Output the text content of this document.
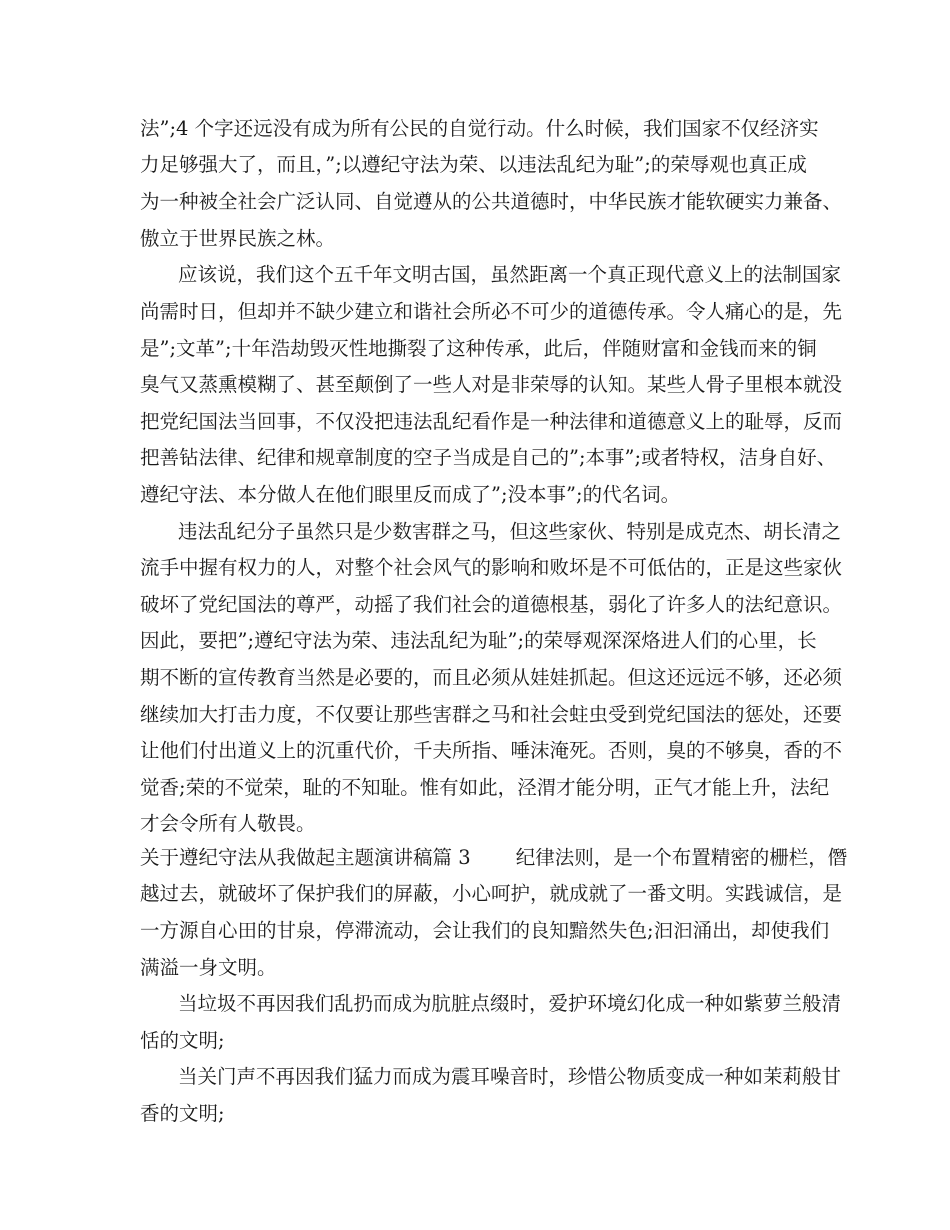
法”;4 个字还远没有成为所有公民的自觉行动。什么时候，我们国家不仅经济实
力足够强大了，而且，”;以遵纪守法为荣、以违法乱纪为耻”;的荣辱观也真正成
为一种被全社会广泛认同、自觉遵从的公共道德时，中华民族才能软硬实力兼备、
傲立于世界民族之林。
应该说，我们这个五千年文明古国，虽然距离一个真正现代意义上的法制国家
尚需时日，但却并不缺少建立和谐社会所必不可少的道德传承。令人痛心的是，先
是”;文革”;十年浩劫毁灭性地撕裂了这种传承，此后，伴随财富和金钱而来的铜
臭气又蒸熏模糊了、甚至颠倒了一些人对是非荣辱的认知。某些人骨子里根本就没
把党纪国法当回事，不仅没把违法乱纪看作是一种法律和道德意义上的耻辱，反而
把善钻法律、纪律和规章制度的空子当成是自己的”;本事”;或者特权，洁身自好、
遵纪守法、本分做人在他们眼里反而成了”;没本事”;的代名词。
违法乱纪分子虽然只是少数害群之马，但这些家伙、特别是成克杰、胡长清之
流手中握有权力的人，对整个社会风气的影响和败坏是不可低估的，正是这些家伙
破坏了党纪国法的尊严，动摇了我们社会的道德根基，弱化了许多人的法纪意识。
因此，要把”;遵纪守法为荣、违法乱纪为耻”;的荣辱观深深烙进人们的心里，长
期不断的宣传教育当然是必要的，而且必须从娃娃抓起。但这还远远不够，还必须
继续加大打击力度，不仅要让那些害群之马和社会蛀虫受到党纪国法的惩处，还要
让他们付出道义上的沉重代价，千夫所指、唾沫淹死。否则，臭的不够臭，香的不
觉香;荣的不觉荣，耻的不知耻。惟有如此，泾渭才能分明，正气才能上升，法纪
才会令所有人敬畏。
关于遵纪守法从我做起主题演讲稿篇 3　　 纪律法则，是一个布置精密的栅栏，僭
越过去，就破坏了保护我们的屏蔽，小心呵护，就成就了一番文明。实践诚信，是
一方源自心田的甘泉，停滞流动，会让我们的良知黯然失色;汩汩涌出，却使我们
满溢一身文明。
当垃圾不再因我们乱扔而成为肮脏点缀时，爱护环境幻化成一种如紫萝兰般清
恬的文明;
当关门声不再因我们猛力而成为震耳噪音时，珍惜公物质变成一种如茉莉般甘
香的文明;
